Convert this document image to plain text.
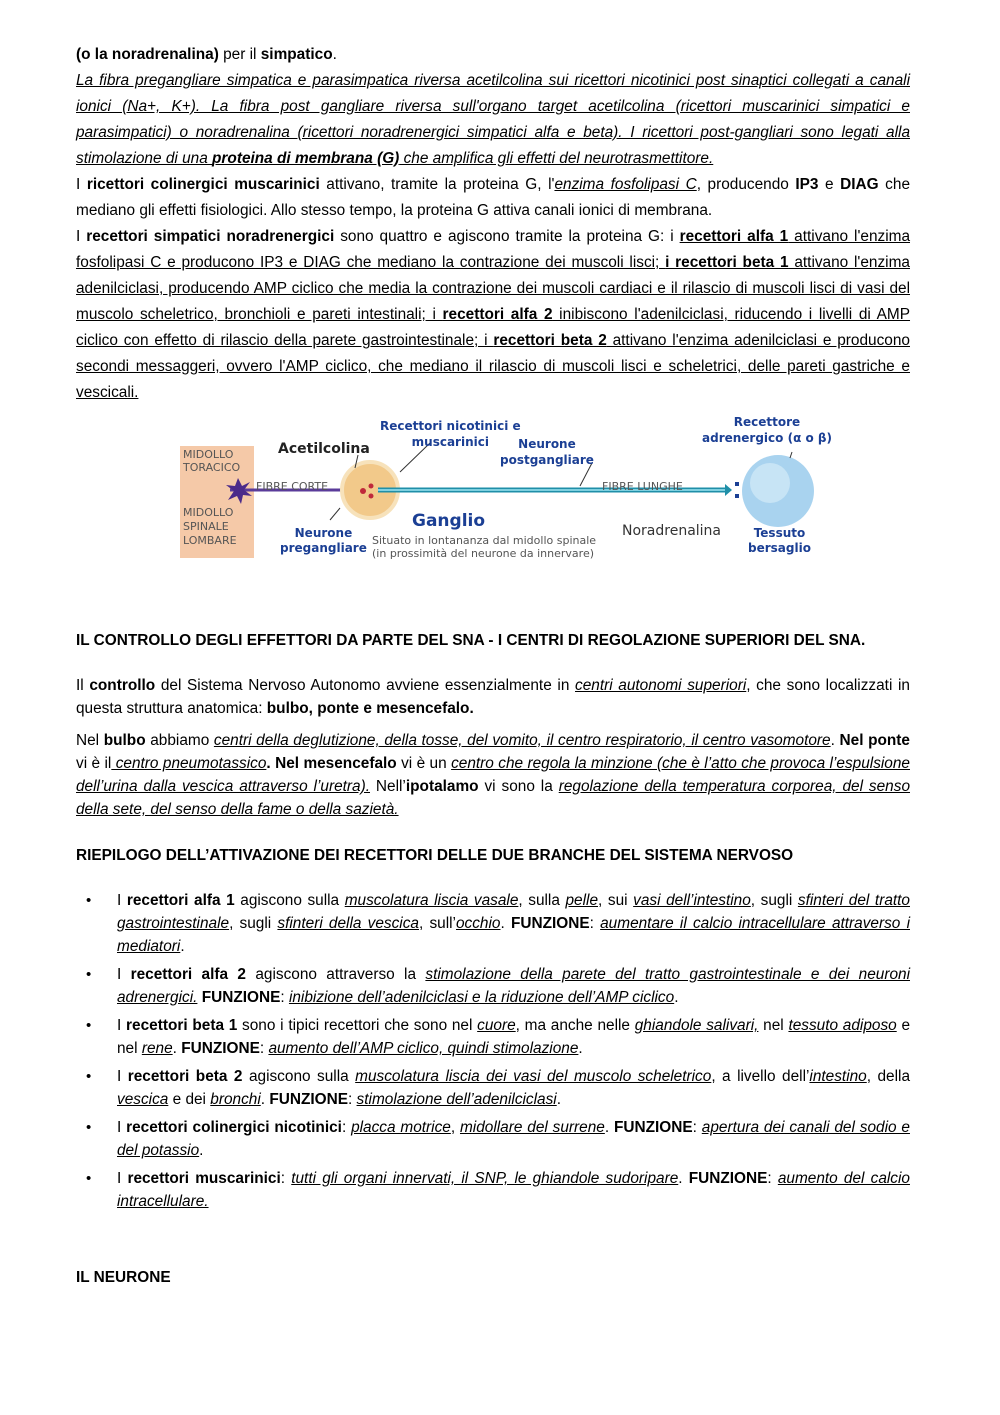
(o la noradrenalina) per il simpatico.

La fibra pregangliare simpatica e parasimpatica riversa acetilcolina sui ricettori nicotinici post sinaptici collegati a canali ionici (Na+, K+). La fibra post gangliare riversa sull'organo target acetilcolina (ricettori muscarinici simpatici e parasimpatici) o noradrenalina (ricettori noradrenergici simpatici alfa e beta). I ricettori post-gangliari sono legati alla stimolazione di una proteina di membrana (G) che amplifica gli effetti del neurotrasmettitore.

I ricettori colinergici muscarinici attivano, tramite la proteina G, l'enzima fosfolipasi C, producendo IP3 e DIAG che mediano gli effetti fisiologici. Allo stesso tempo, la proteina G attiva canali ionici di membrana.

I recettori simpatici noradrenergici sono quattro e agiscono tramite la proteina G: i recettori alfa 1 attivano l'enzima fosfolipasi C e producono IP3 e DIAG che mediano la contrazione dei muscoli lisci; i recettori beta 1 attivano l'enzima adenilciclasi, producendo AMP ciclico che media la contrazione dei muscoli cardiaci e il rilascio di muscoli lisci di vasi del muscolo scheletrico, bronchioli e pareti intestinali; i recettori alfa 2 inibiscono l'adenilciclasi, riducendo i livelli di AMP ciclico con effetto di rilascio della parete gastrointestinale; i recettori beta 2 attivano l'enzima adenilciclasi e producono secondi messaggeri, ovvero l'AMP ciclico, che mediano il rilascio di muscoli lisci e scheletrici, delle pareti gastriche e vescicali.

MIDOLLO
TORACICO
MIDOLLO
SPINALE
LOMBARE
Acetilcolina
FIBRE CORTE
Neurone
pregangliare
Recettori nicotinici e
muscarinici	Neurone
postgangliare
Ganglio
Situato in lontananza dal midollo spinale
(in prossimità del neurone da innervare)
FIBRE LUNGHE
Noradrenalina
Recettore
adrenergico (α o β)
Tessuto
bersaglio

IL CONTROLLO DEGLI EFFETTORI DA PARTE DEL SNA - I CENTRI DI REGOLAZIONE SUPERIORI DEL SNA.

Il controllo del Sistema Nervoso Autonomo avviene essenzialmente in centri autonomi superiori, che sono localizzati in questa struttura anatomica: bulbo, ponte e mesencefalo.

Nel bulbo abbiamo centri della deglutizione, della tosse, del vomito, il centro respiratorio, il centro vasomotore. Nel ponte vi è il centro pneumotassico. Nel mesencefalo vi è un centro che regola la minzione (che è l’atto che provoca l’espulsione dell’urina dalla vescica attraverso l’uretra). Nell’ipotalamo vi sono la regolazione della temperatura corporea, del senso della sete, del senso della fame o della sazietà.

RIEPILOGO DELL’ATTIVAZIONE DEI RECETTORI DELLE DUE BRANCHE DEL SISTEMA NERVOSO

• I recettori alfa 1 agiscono sulla muscolatura liscia vasale, sulla pelle, sui vasi dell’intestino, sugli sfinteri del tratto gastrointestinale, sugli sfinteri della vescica, sull’occhio. FUNZIONE: aumentare il calcio intracellulare attraverso i mediatori.
• I recettori alfa 2 agiscono attraverso la stimolazione della parete del tratto gastrointestinale e dei neuroni adrenergici. FUNZIONE: inibizione dell’adenilciclasi e la riduzione dell’AMP ciclico.
• I recettori beta 1 sono i tipici recettori che sono nel cuore, ma anche nelle ghiandole salivari, nel tessuto adiposo e nel rene. FUNZIONE: aumento dell’AMP ciclico, quindi stimolazione.
• I recettori beta 2 agiscono sulla muscolatura liscia dei vasi del muscolo scheletrico, a livello dell’intestino, della vescica e dei bronchi. FUNZIONE: stimolazione dell’adenilciclasi.
• I recettori colinergici nicotinici: placca motrice, midollare del surrene. FUNZIONE: apertura dei canali del sodio e del potassio.
• I recettori muscarinici: tutti gli organi innervati, il SNP, le ghiandole sudoripare. FUNZIONE: aumento del calcio intracellulare.

IL NEURONE
